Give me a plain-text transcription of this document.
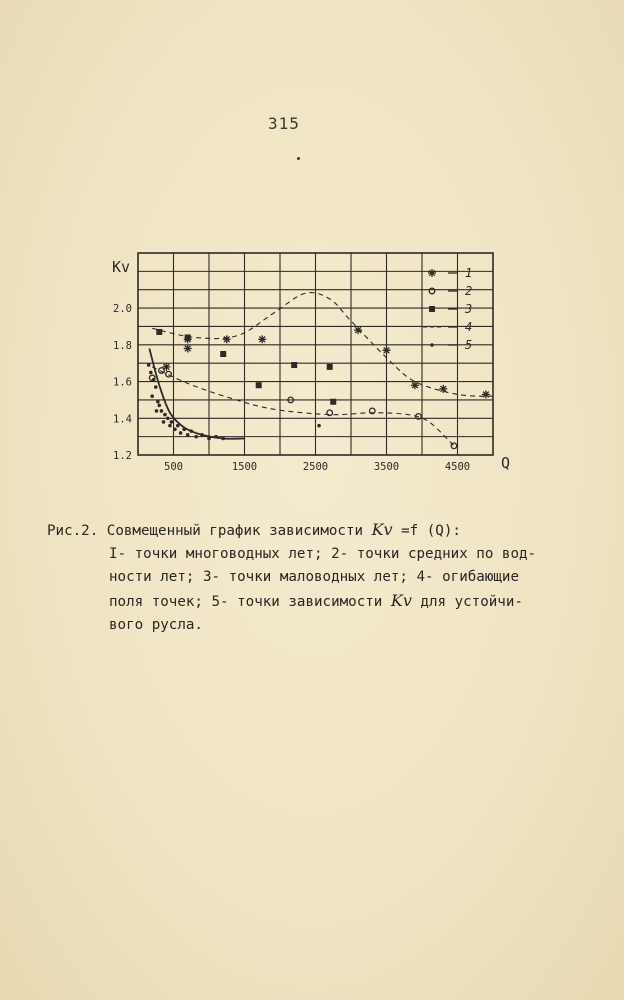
315
500	1500	2500	3500	4500
1.2
1.4
1.6
1.8
2.0
Q
Kv	1
2
3
4
5
Рис.2. Совмещенный график зависимости Kv =f (Q):
I- точки многоводных лет; 2- точки средних по вод-
ности лет; 3- точки маловодных лет; 4- огибающие
поля точек; 5- точки зависимости Kv для устойчи-
вого русла.
